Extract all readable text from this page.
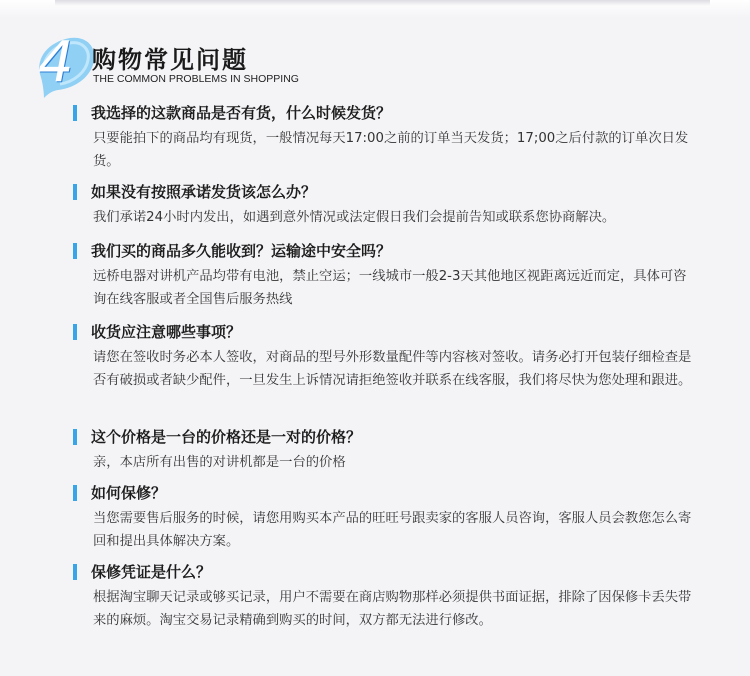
4 购物常见问题
THE COMMON PROBLEMS IN SHOPPING
我选择的这款商品是否有货，什么时候发货？
只要能拍下的商品均有现货，一般情况每天17:00之前的订单当天发货；17;00之后付款的订单次日发货。
如果没有按照承诺发货该怎么办？
我们承诺24小时内发出，如遇到意外情况或法定假日我们会提前告知或联系您协商解决。
我们买的商品多久能收到？运输途中安全吗？
远桥电器对讲机产品均带有电池，禁止空运；一线城市一般2-3天其他地区视距离远近而定，具体可咨询在线客服或者全国售后服务热线
收货应注意哪些事项？
请您在签收时务必本人签收，对商品的型号外形数量配件等内容核对签收。请务必打开包装仔细检查是否有破损或者缺少配件，一旦发生上诉情况请拒绝签收并联系在线客服，我们将尽快为您处理和跟进。
这个价格是一台的价格还是一对的价格？
亲，本店所有出售的对讲机都是一台的价格
如何保修？
当您需要售后服务的时候，请您用购买本产品的旺旺号跟卖家的客服人员咨询，客服人员会教您怎么寄回和提出具体解决方案。
保修凭证是什么？
根据淘宝聊天记录或够买记录，用户不需要在商店购物那样必须提供书面证据，排除了因保修卡丢失带来的麻烦。淘宝交易记录精确到购买的时间，双方都无法进行修改。
